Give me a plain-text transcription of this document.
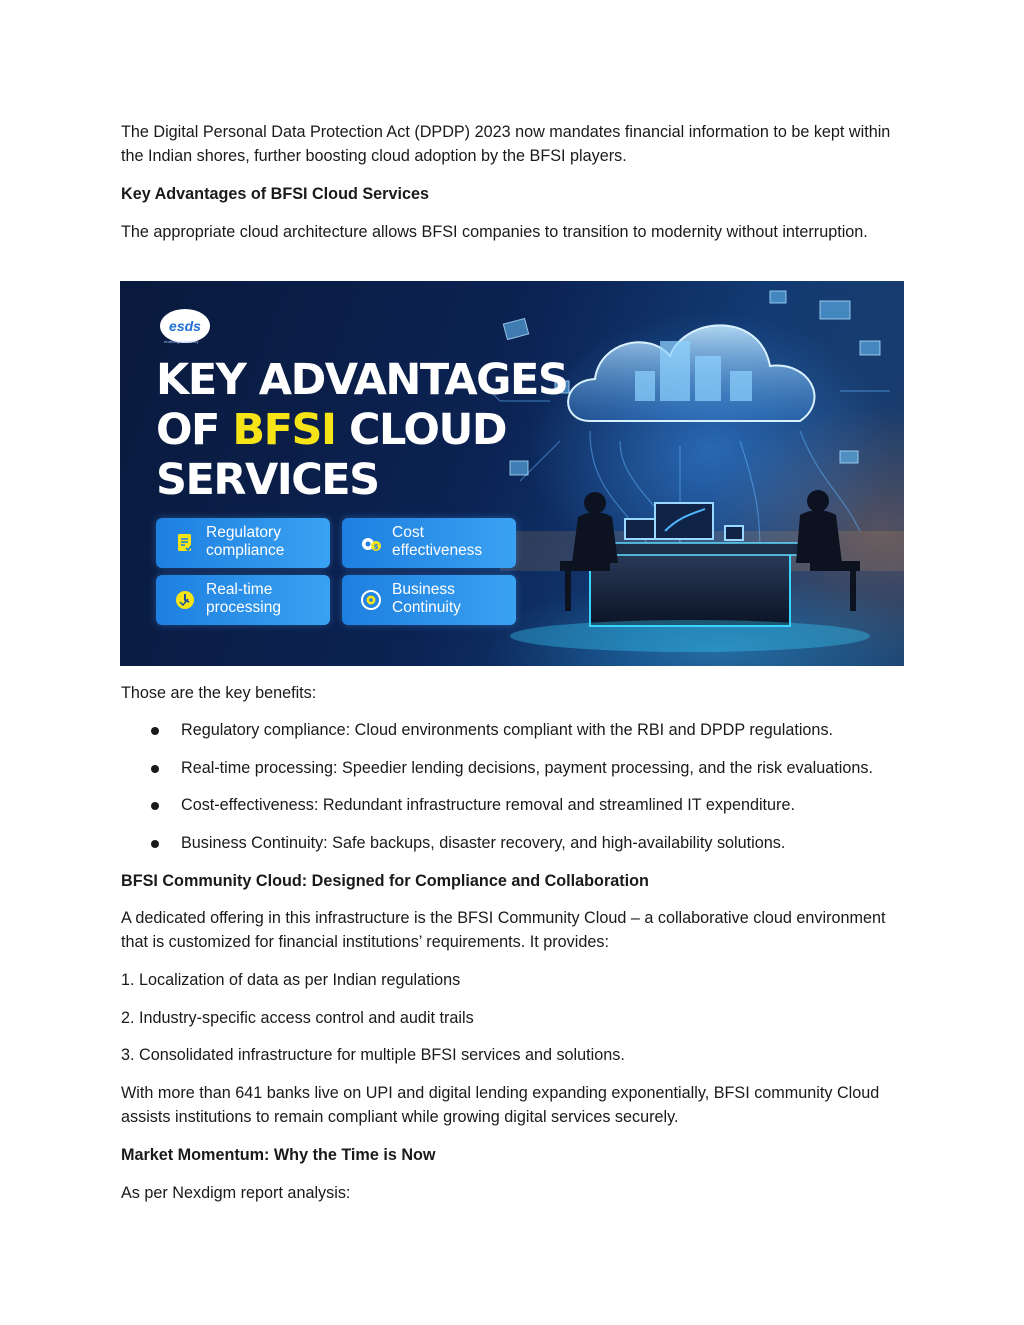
The Digital Personal Data Protection Act (DPDP) 2023 now mandates financial information to be kept within the Indian shores, further boosting cloud adoption by the BFSI players.

Key Advantages of BFSI Cloud Services

The appropriate cloud architecture allows BFSI companies to transition to modernity without interruption.

esds
enabling futurability
KEY ADVANTAGES
OF BFSI CLOUD
SERVICES
Regulatory compliance	$
Cost effectiveness
Real-time processing
Business Continuity

Those are the key benefits:

Regulatory compliance: Cloud environments compliant with the RBI and DPDP regulations.
Real-time processing: Speedier lending decisions, payment processing, and the risk evaluations.
Cost-effectiveness: Redundant infrastructure removal and streamlined IT expenditure.
Business Continuity: Safe backups, disaster recovery, and high-availability solutions.

BFSI Community Cloud: Designed for Compliance and Collaboration

A dedicated offering in this infrastructure is the BFSI Community Cloud – a collaborative cloud environment that is customized for financial institutions’ requirements. It provides:

1. Localization of data as per Indian regulations

2. Industry-specific access control and audit trails

3. Consolidated infrastructure for multiple BFSI services and solutions.

With more than 641 banks live on UPI and digital lending expanding exponentially, BFSI community Cloud assists institutions to remain compliant while growing digital services securely.

Market Momentum: Why the Time is Now

As per Nexdigm report analysis:
